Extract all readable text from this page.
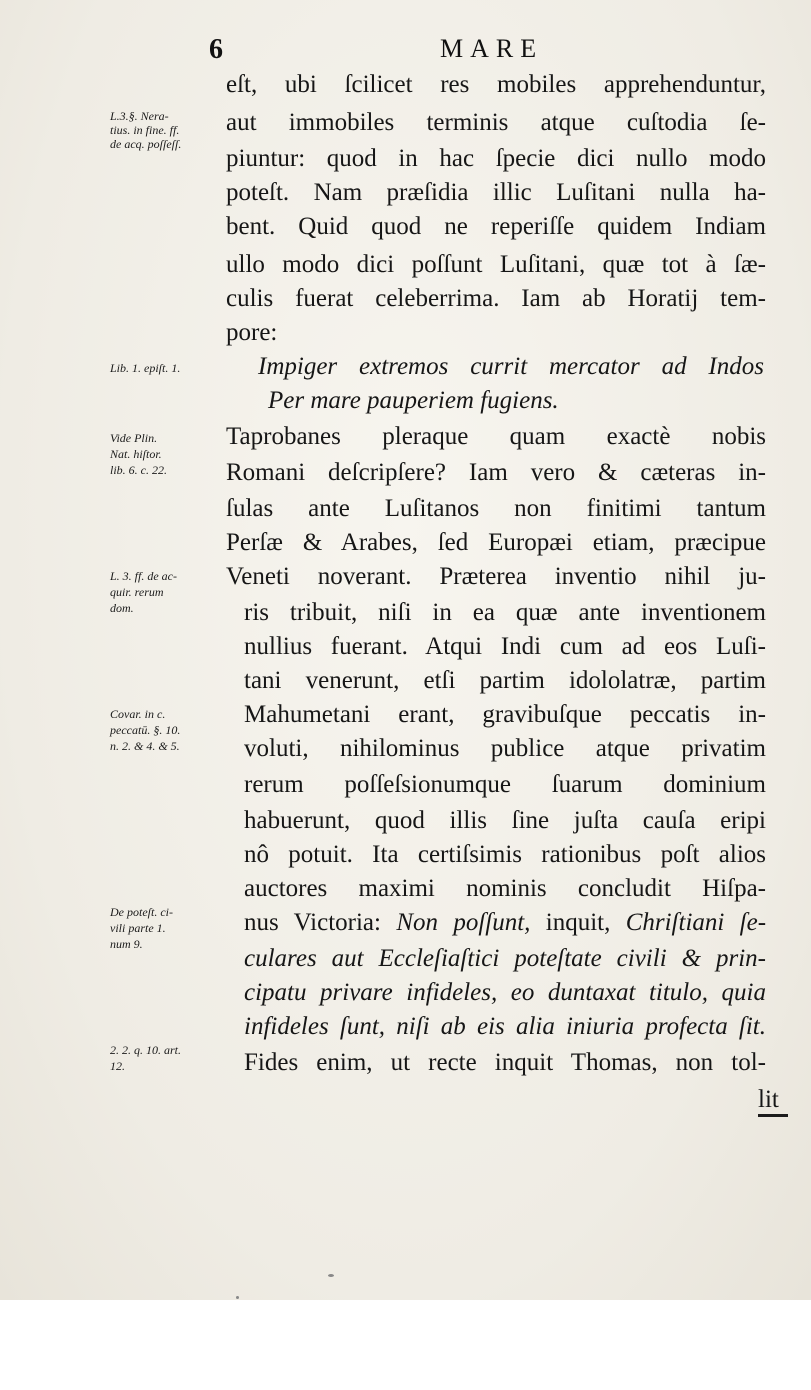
6	MARE
L.3.§. Nera-
tius. in fine. ff.
de acq. poſſeſſ.
Lib. 1. epiſt. 1.
Vide Plin.
Nat. hiſtor.
lib. 6. c. 22.
L. 3. ff. de ac-
quir. rerum
dom.
Covar. in c.
peccatū. §. 10.
n. 2. & 4. & 5.
De poteſt. ci-
vili parte 1.
num 9.
2. 2. q. 10. art.
12.
eſt, ubi ſcilicet res mobiles apprehenduntur,
aut immobiles terminis atque cuſtodia ſe-
piuntur: quod in hac ſpecie dici nullo modo
poteſt. Nam præſidia illic Luſitani nulla ha-
bent. Quid quod ne reperiſſe quidem Indiam
ullo modo dici poſſunt Luſitani, quæ tot à ſæ-
culis fuerat celeberrima. Iam ab Horatij tem-
pore:
Impiger extremos currit mercator ad Indos
Per mare pauperiem fugiens.
Taprobanes pleraque quam exactè nobis
Romani deſcripſere? Iam vero & cæteras in-
ſulas ante Luſitanos non finitimi tantum
Perſæ & Arabes, ſed Europæi etiam, præcipue
Veneti noverant. Præterea inventio nihil ju-
ris tribuit, niſi in ea quæ ante inventionem
nullius fuerant. Atqui Indi cum ad eos Luſi-
tani venerunt, etſi partim idololatræ, partim
Mahumetani erant, gravibuſque peccatis in-
voluti, nihilominus publice atque privatim
rerum poſſeſsionumque ſuarum dominium
habuerunt, quod illis ſine juſta cauſa eripi
nô potuit. Ita certiſsimis rationibus poſt alios
auctores maximi nominis concludit Hiſpa-
nus Victoria: Non poſſunt, inquit, Chriſtiani ſe-
culares aut Eccleſiaſtici poteſtate civili & prin-
cipatu privare infideles, eo duntaxat titulo, quia
infideles ſunt, niſi ab eis alia iniuria profecta ſit.
Fides enim, ut recte inquit Thomas, non tol-
lit
